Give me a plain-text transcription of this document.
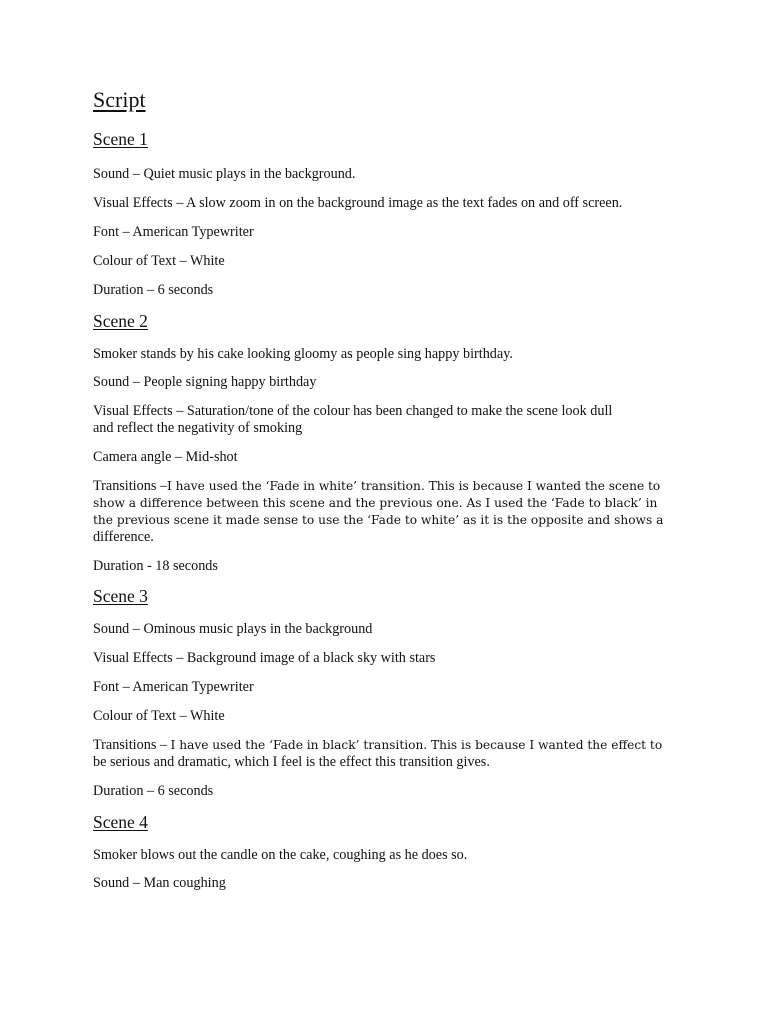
Script
Scene 1

Sound – Quiet music plays in the background.

Visual Effects – A slow zoom in on the background image as the text fades on and off screen.

Font – American Typewriter

Colour of Text – White

Duration – 6 seconds

Scene 2

Smoker stands by his cake looking gloomy as people sing happy birthday.

Sound – People signing happy birthday

Visual Effects – Saturation/tone of the colour has been changed to make the scene look dull
and reflect the negativity of smoking

Camera angle – Mid-shot

Transitions –I have used the ‘Fade in white’ transition. This is because I wanted the scene to
show a difference between this scene and the previous one. As I used the ‘Fade to black’ in
the previous scene it made sense to use the ‘Fade to white’ as it is the opposite and shows a
difference.

Duration - 18 seconds

Scene 3

Sound – Ominous music plays in the background

Visual Effects – Background image of a black sky with stars

Font – American Typewriter

Colour of Text – White

Transitions – I have used the ‘Fade in black’ transition. This is because I wanted the effect to
be serious and dramatic, which I feel is the effect this transition gives.

Duration – 6 seconds

Scene 4

Smoker blows out the candle on the cake, coughing as he does so.

Sound – Man coughing
